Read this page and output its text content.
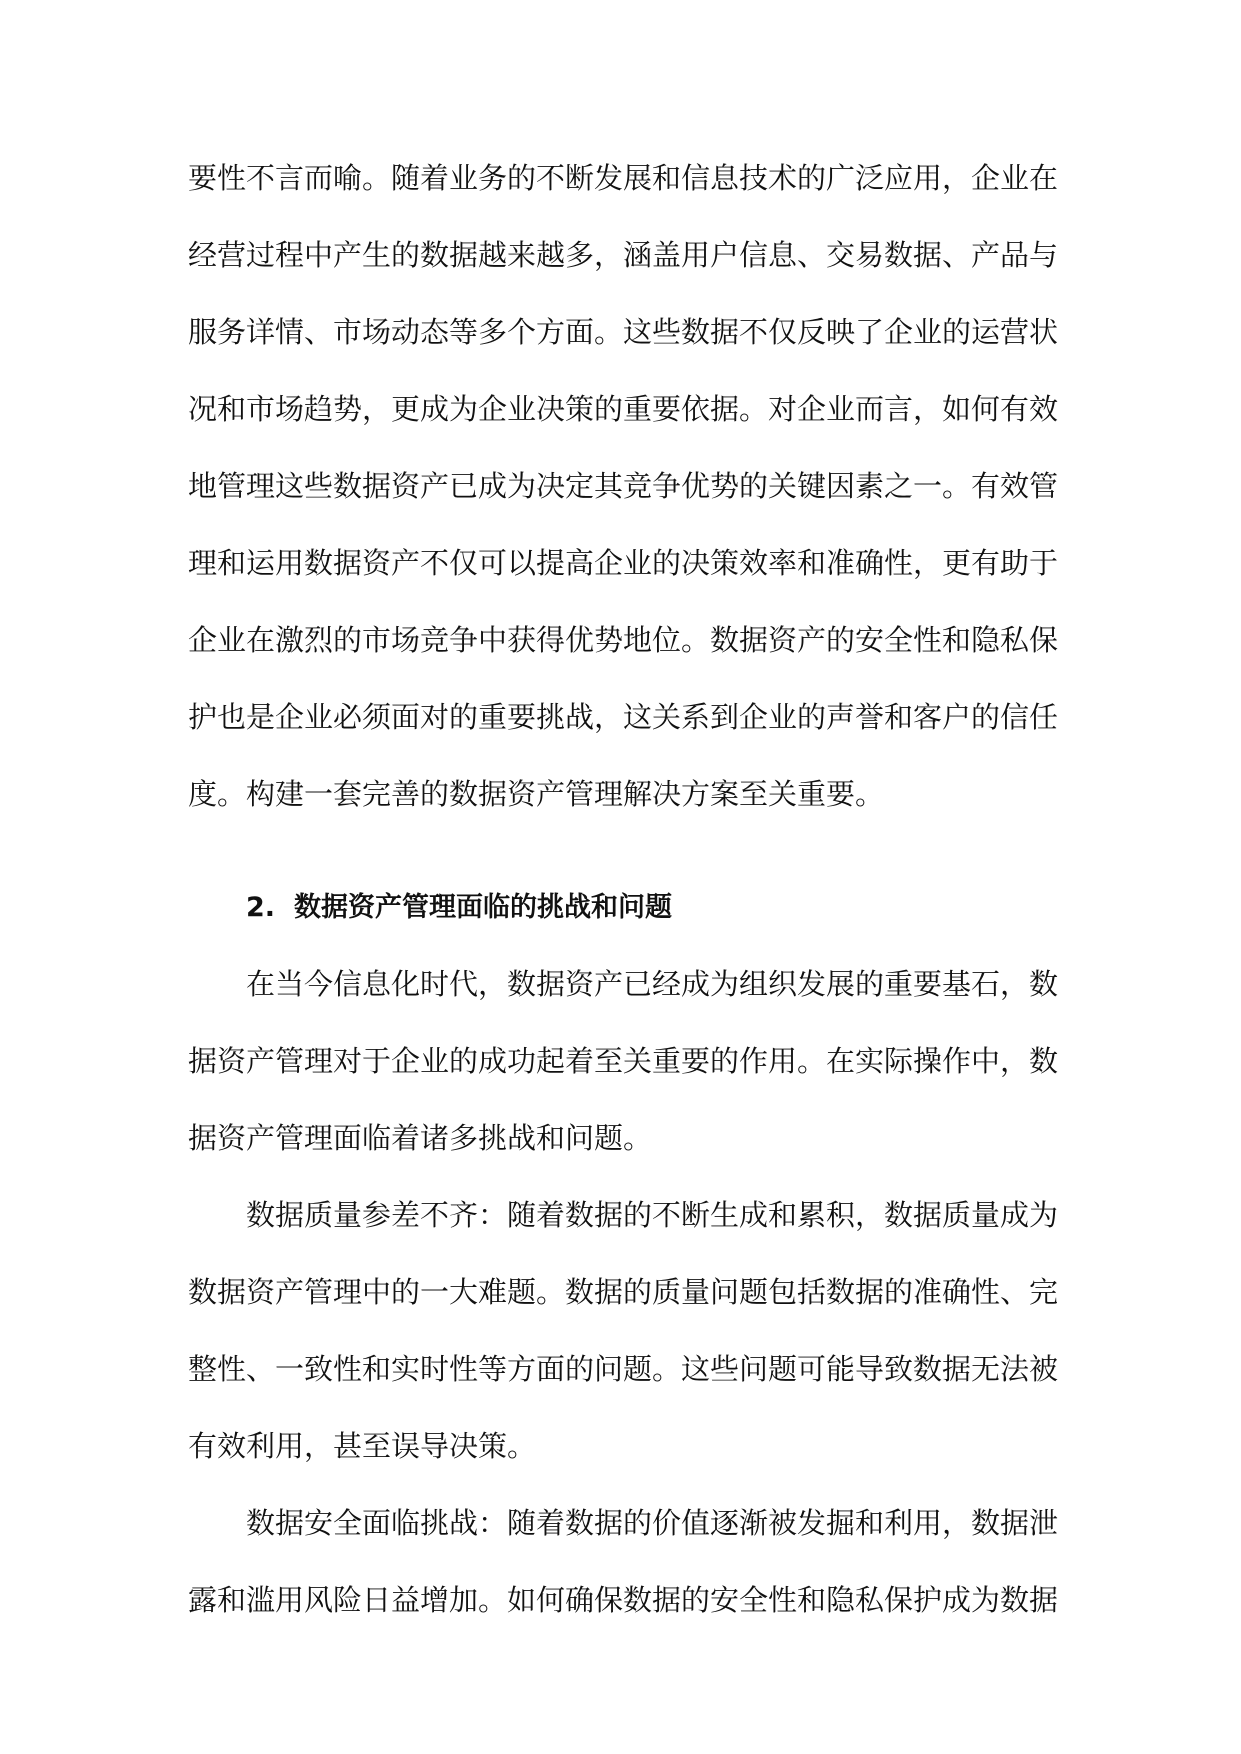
要性不言而喻。随着业务的不断发展和信息技术的广泛应用，企业在
经营过程中产生的数据越来越多，涵盖用户信息、交易数据、产品与
服务详情、市场动态等多个方面。这些数据不仅反映了企业的运营状
况和市场趋势，更成为企业决策的重要依据。对企业而言，如何有效
地管理这些数据资产已成为决定其竞争优势的关键因素之一。有效管
理和运用数据资产不仅可以提高企业的决策效率和准确性，更有助于
企业在激烈的市场竞争中获得优势地位。数据资产的安全性和隐私保
护也是企业必须面对的重要挑战，这关系到企业的声誉和客户的信任
度。构建一套完善的数据资产管理解决方案至关重要。
2. 数据资产管理面临的挑战和问题
在当今信息化时代，数据资产已经成为组织发展的重要基石，数
据资产管理对于企业的成功起着至关重要的作用。在实际操作中，数
据资产管理面临着诸多挑战和问题。
数据质量参差不齐：随着数据的不断生成和累积，数据质量成为
数据资产管理中的一大难题。数据的质量问题包括数据的准确性、完
整性、一致性和实时性等方面的问题。这些问题可能导致数据无法被
有效利用，甚至误导决策。
数据安全面临挑战：随着数据的价值逐渐被发掘和利用，数据泄
露和滥用风险日益增加。如何确保数据的安全性和隐私保护成为数据
